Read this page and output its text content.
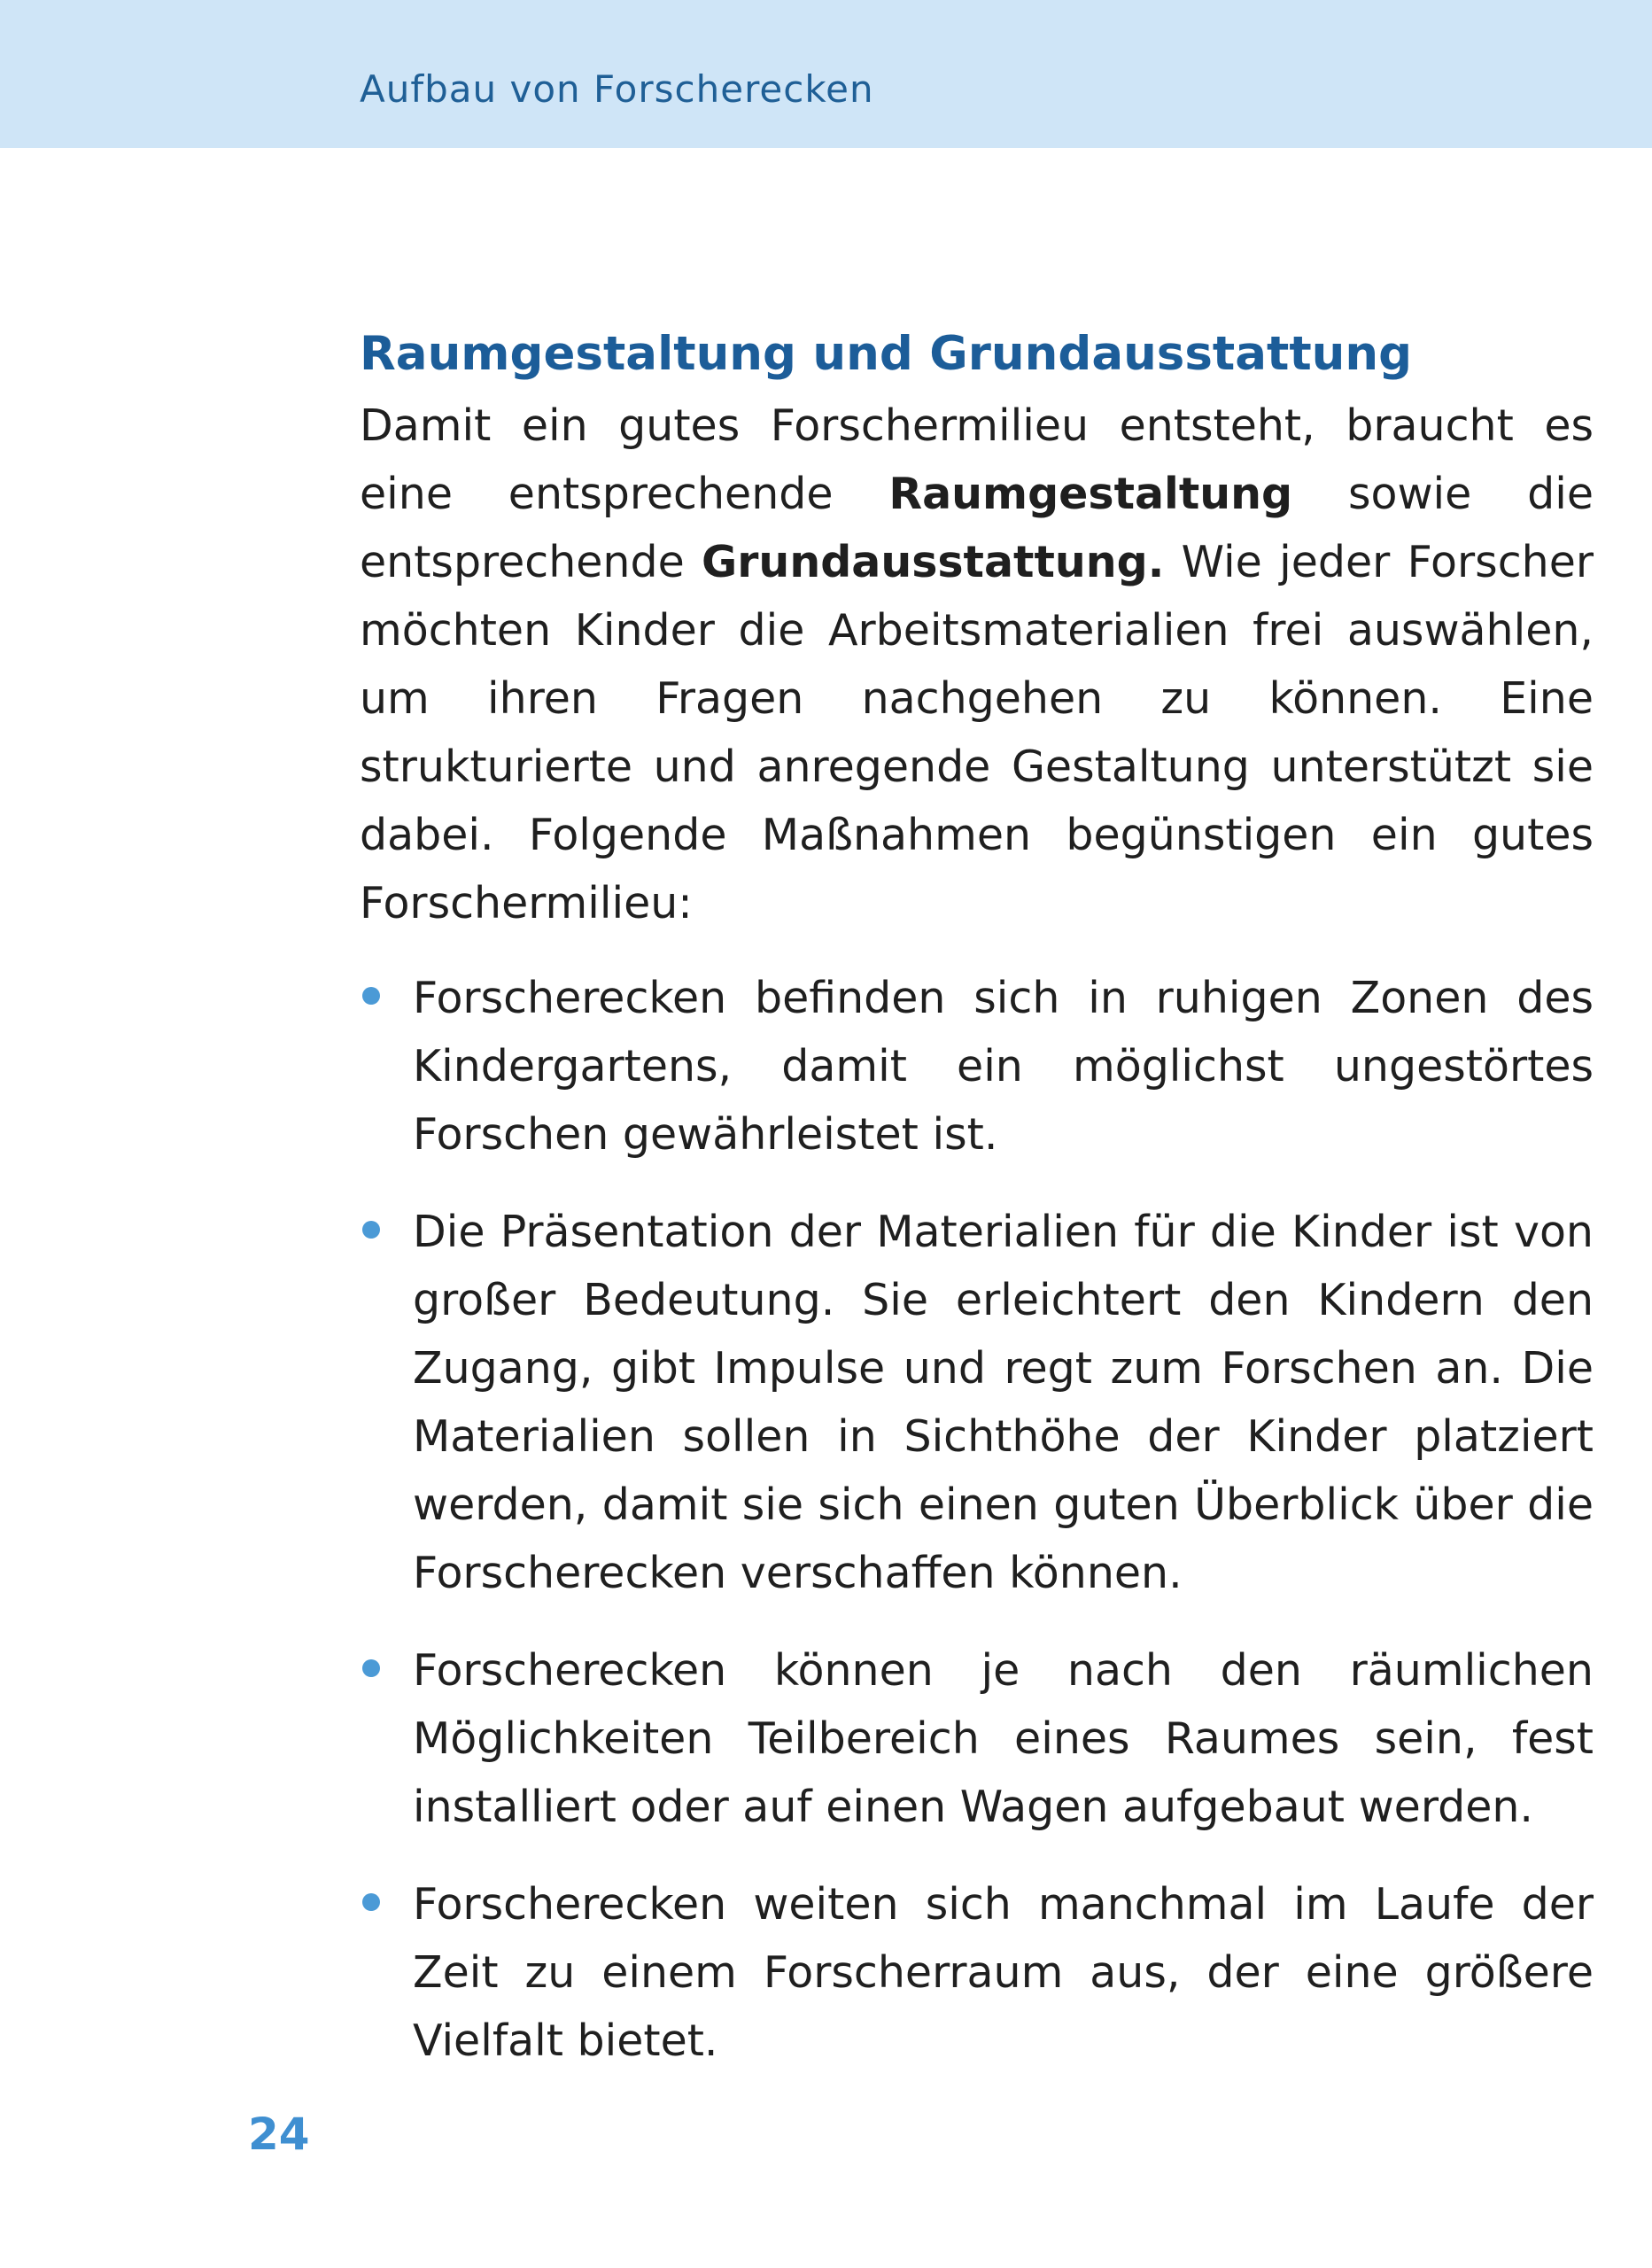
Aufbau von Forscherecken
Raumgestaltung und Grundausstattung

Damit ein gutes Forschermilieu entsteht, braucht es eine entsprechende Raumgestaltung sowie die entsprechende Grundausstattung. Wie jeder Forscher möchten Kinder die Arbeitsmaterialien frei auswählen, um ihren Fragen nachgehen zu können. Eine strukturierte und anregende Gestaltung unterstützt sie dabei. Folgende Maßnahmen begünstigen ein gutes Forschermilieu:

Forscherecken befinden sich in ruhigen Zonen des Kindergartens, damit ein möglichst ungestörtes Forschen gewährleistet ist.
Die Präsentation der Materialien für die Kinder ist von großer Bedeutung. Sie erleichtert den Kindern den Zugang, gibt Impulse und regt zum Forschen an. Die Materialien sollen in Sichthöhe der Kinder platziert werden, damit sie sich einen guten Überblick über die Forscherecken verschaffen können.
Forscherecken können je nach den räumlichen Möglichkeiten Teilbereich eines Raumes sein, fest installiert oder auf einen Wagen aufgebaut werden.
Forscherecken weiten sich manchmal im Laufe der Zeit zu einem Forscherraum aus, der eine größere Vielfalt bietet.
24
